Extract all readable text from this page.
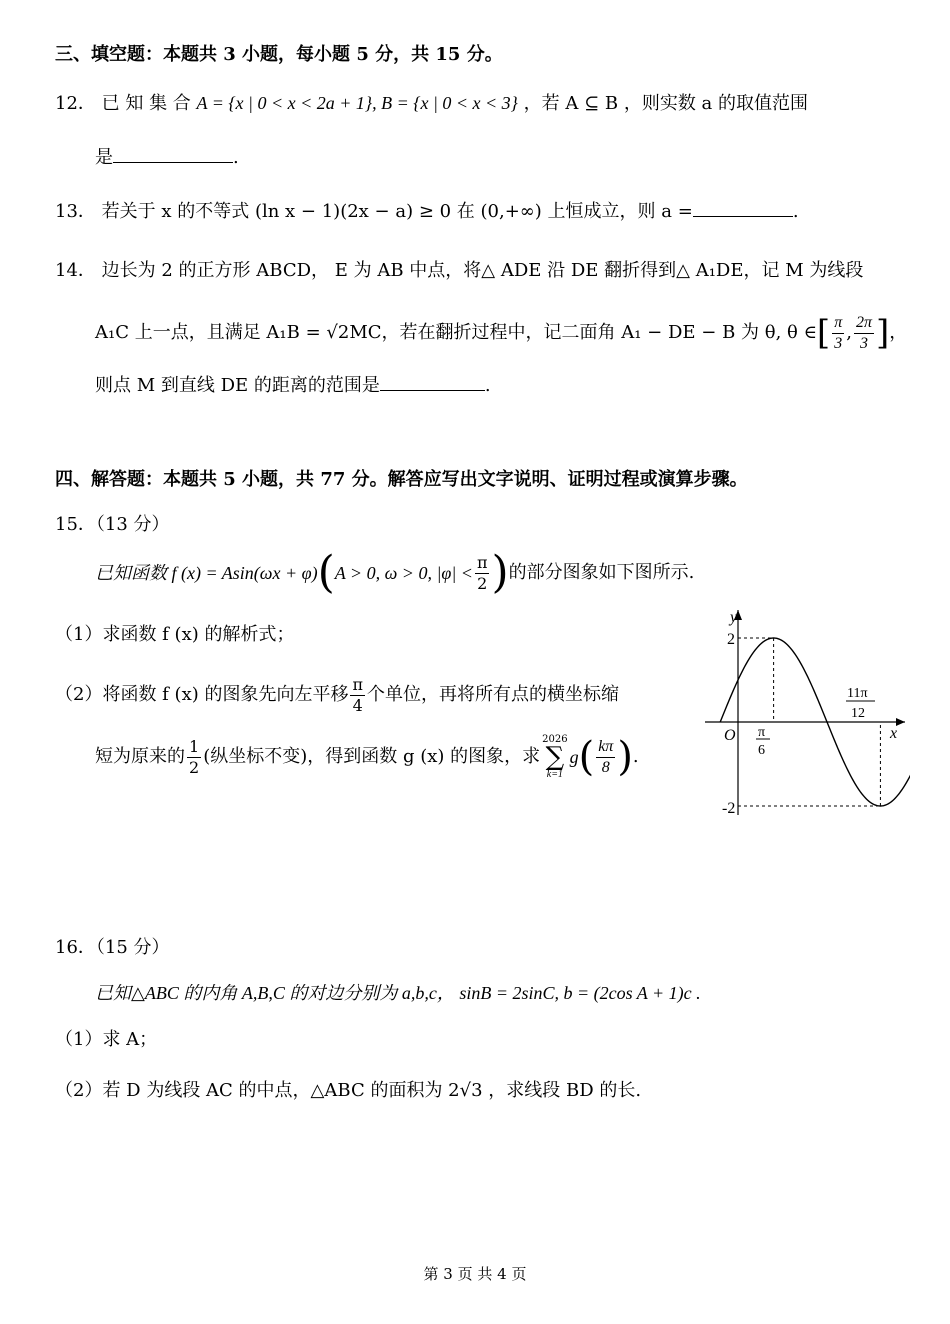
三、填空题：本题共 3 小题，每小题 5 分，共 15 分。
12． 已 知 集 合 A = {x | 0 < x < 2a + 1}, B = {x | 0 < x < 3} ，若 A ⊆ B ，则实数 a 的取值范围
是	.
13． 若关于 x 的不等式 (ln x − 1)(2x − a) ≥ 0 在 (0,+∞) 上恒成立，则 a =	.
14． 边长为 2 的正方形 ABCD， E 为 AB 中点，将△ ADE 沿 DE 翻折得到△ A₁DE，记 M 为线段
A₁C 上一点，且满足 A₁B = √2MC，若在翻折过程中，记二面角 A₁ − DE − B 为 θ, θ ∈ [ $\frac{\pi}{3}$ , $\frac{2\pi}{3}$ ] ，
则点 M 到直线 DE 的距离的范围是	.
四、解答题：本题共 5 小题，共 77 分。解答应写出文字说明、证明过程或演算步骤。
15．（13 分）
已知函数 f (x) = Asin(ωx + φ) ( A > 0, ω > 0, $|\varphi| < \frac{\pi}{2}$ ) 的部分图象如下图所示.
（1）求函数 f (x) 的解析式；
（2）将函数 f (x) 的图象先向左平移 $\frac{\pi}{4}$ 个单位，再将所有点的横坐标缩
短为原来的 $\frac{1}{2}$ (纵坐标不变)，得到函数 g (x) 的图象，求
2026
∑
k=1
g ( $\frac{k\pi}{8}$ ) .
y
x
O
2
-2
π
6
11π
12
16．（15 分）
已知△ABC 的内角 A,B,C 的对边分别为 a,b,c， sinB = 2sinC, b = (2cos A + 1)c .
（1）求 A；
（2）若 D 为线段 AC 的中点，△ABC 的面积为 2√3 ，求线段 BD 的长.
第 3 页 共 4 页
